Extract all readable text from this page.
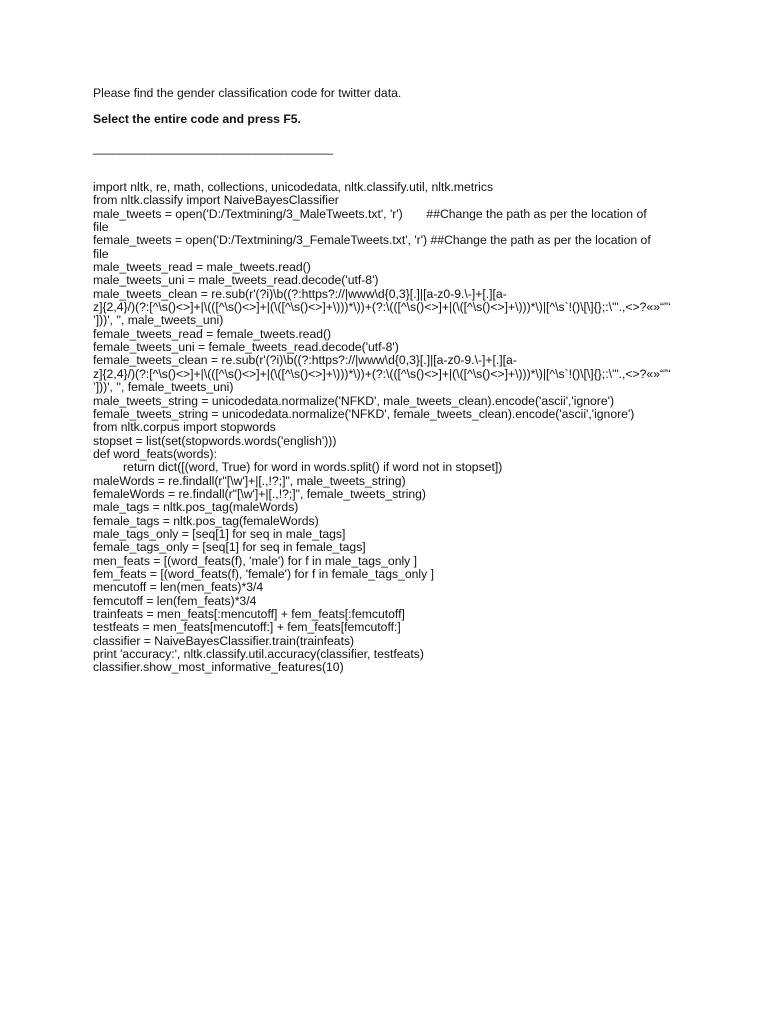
Please find the gender classification code for twitter data.

Select the entire code and press F5.

_____________________________________

import nltk, re, math, collections, unicodedata, nltk.classify.util, nltk.metrics
from nltk.classify import NaiveBayesClassifier
male_tweets = open('D:/Textmining/3_MaleTweets.txt', 'r')       ##Change the path as per the location of
file
female_tweets = open('D:/Textmining/3_FemaleTweets.txt', 'r') ##Change the path as per the location of
file
male_tweets_read = male_tweets.read()
male_tweets_uni = male_tweets_read.decode('utf-8')
male_tweets_clean = re.sub(r'(?i)\b((?:https?://|www\d{0,3}[.]|[a-z0-9.\-]+[.][a-
z]{2,4}/)(?:[^\s()<>]+|\(([^\s()<>]+|(\([^\s()<>]+\)))*\))+(?:\(([^\s()<>]+|(\([^\s()<>]+\)))*\)|[^\s`!()\[\]{};:\'".,<>?«»“”‘
’]))', '', male_tweets_uni)
female_tweets_read = female_tweets.read()
female_tweets_uni = female_tweets_read.decode('utf-8')
female_tweets_clean = re.sub(r'(?i)\b((?:https?://|www\d{0,3}[.]|[a-z0-9.\-]+[.][a-
z]{2,4}/)(?:[^\s()<>]+|\(([^\s()<>]+|(\([^\s()<>]+\)))*\))+(?:\(([^\s()<>]+|(\([^\s()<>]+\)))*\)|[^\s`!()\[\]{};:\'".,<>?«»“”‘
’]))', '', female_tweets_uni)
male_tweets_string = unicodedata.normalize('NFKD', male_tweets_clean).encode('ascii','ignore')
female_tweets_string = unicodedata.normalize('NFKD', female_tweets_clean).encode('ascii','ignore')
from nltk.corpus import stopwords
stopset = list(set(stopwords.words('english')))
def word_feats(words):
return dict([(word, True) for word in words.split() if word not in stopset])
maleWords = re.findall(r"[\w']+|[.,!?;]", male_tweets_string)
femaleWords = re.findall(r"[\w']+|[.,!?;]", female_tweets_string)
male_tags = nltk.pos_tag(maleWords)
female_tags = nltk.pos_tag(femaleWords)
male_tags_only = [seq[1] for seq in male_tags]
female_tags_only = [seq[1] for seq in female_tags]
men_feats = [(word_feats(f), 'male') for f in male_tags_only ]
fem_feats = [(word_feats(f), 'female') for f in female_tags_only ]
mencutoff = len(men_feats)*3/4
femcutoff = len(fem_feats)*3/4
trainfeats = men_feats[:mencutoff] + fem_feats[:femcutoff]
testfeats = men_feats[mencutoff:] + fem_feats[femcutoff:]
classifier = NaiveBayesClassifier.train(trainfeats)
print 'accuracy:', nltk.classify.util.accuracy(classifier, testfeats)
classifier.show_most_informative_features(10)
